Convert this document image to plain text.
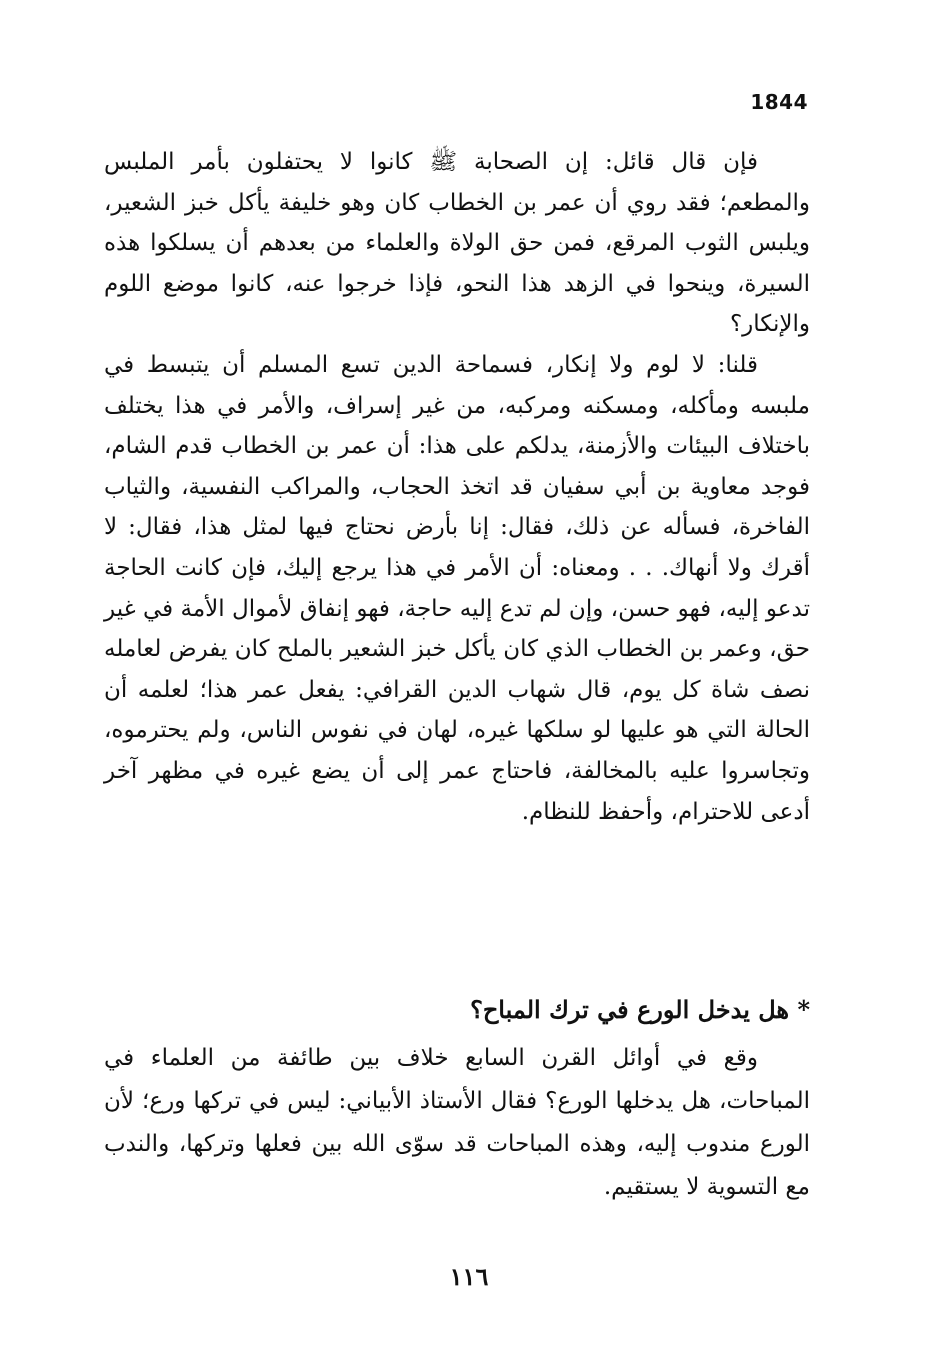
1844

فإن قال قائل: إن الصحابة ﷺ كانوا لا يحتفلون بأمر الملبس والمطعم؛ فقد روي أن عمر بن الخطاب كان وهو خليفة يأكل خبز الشعير، ويلبس الثوب المرقع، فمن حق الولاة والعلماء من بعدهم أن يسلكوا هذه السيرة، وينحوا في الزهد هذا النحو، فإذا خرجوا عنه، كانوا موضع اللوم والإنكار؟

قلنا: لا لوم ولا إنكار، فسماحة الدين تسع المسلم أن يتبسط في ملبسه ومأكله، ومسكنه ومركبه، من غير إسراف، والأمر في هذا يختلف باختلاف البيئات والأزمنة، يدلكم على هذا: أن عمر بن الخطاب قدم الشام، فوجد معاوية بن أبي سفيان قد اتخذ الحجاب، والمراكب النفسية، والثياب الفاخرة، فسأله عن ذلك، فقال: إنا بأرض نحتاج فيها لمثل هذا، فقال: لا أقرك ولا أنهاك. . . ومعناه: أن الأمر في هذا يرجع إليك، فإن كانت الحاجة تدعو إليه، فهو حسن، وإن لم تدع إليه حاجة، فهو إنفاق لأموال الأمة في غير حق، وعمر بن الخطاب الذي كان يأكل خبز الشعير بالملح كان يفرض لعامله نصف شاة كل يوم، قال شهاب الدين القرافي: يفعل عمر هذا؛ لعلمه أن الحالة التي هو عليها لو سلكها غيره، لهان في نفوس الناس، ولم يحترموه، وتجاسروا عليه بالمخالفة، فاحتاج عمر إلى أن يضع غيره في مظهر آخر أدعى للاحترام، وأحفظ للنظام.

* هل يدخل الورع في ترك المباح؟

وقع في أوائل القرن السابع خلاف بين طائفة من العلماء في المباحات، هل يدخلها الورع؟ فقال الأستاذ الأبياني: ليس في تركها ورع؛ لأن الورع مندوب إليه، وهذه المباحات قد سوّى الله بين فعلها وتركها، والندب مع التسوية لا يستقيم.

١١٦
